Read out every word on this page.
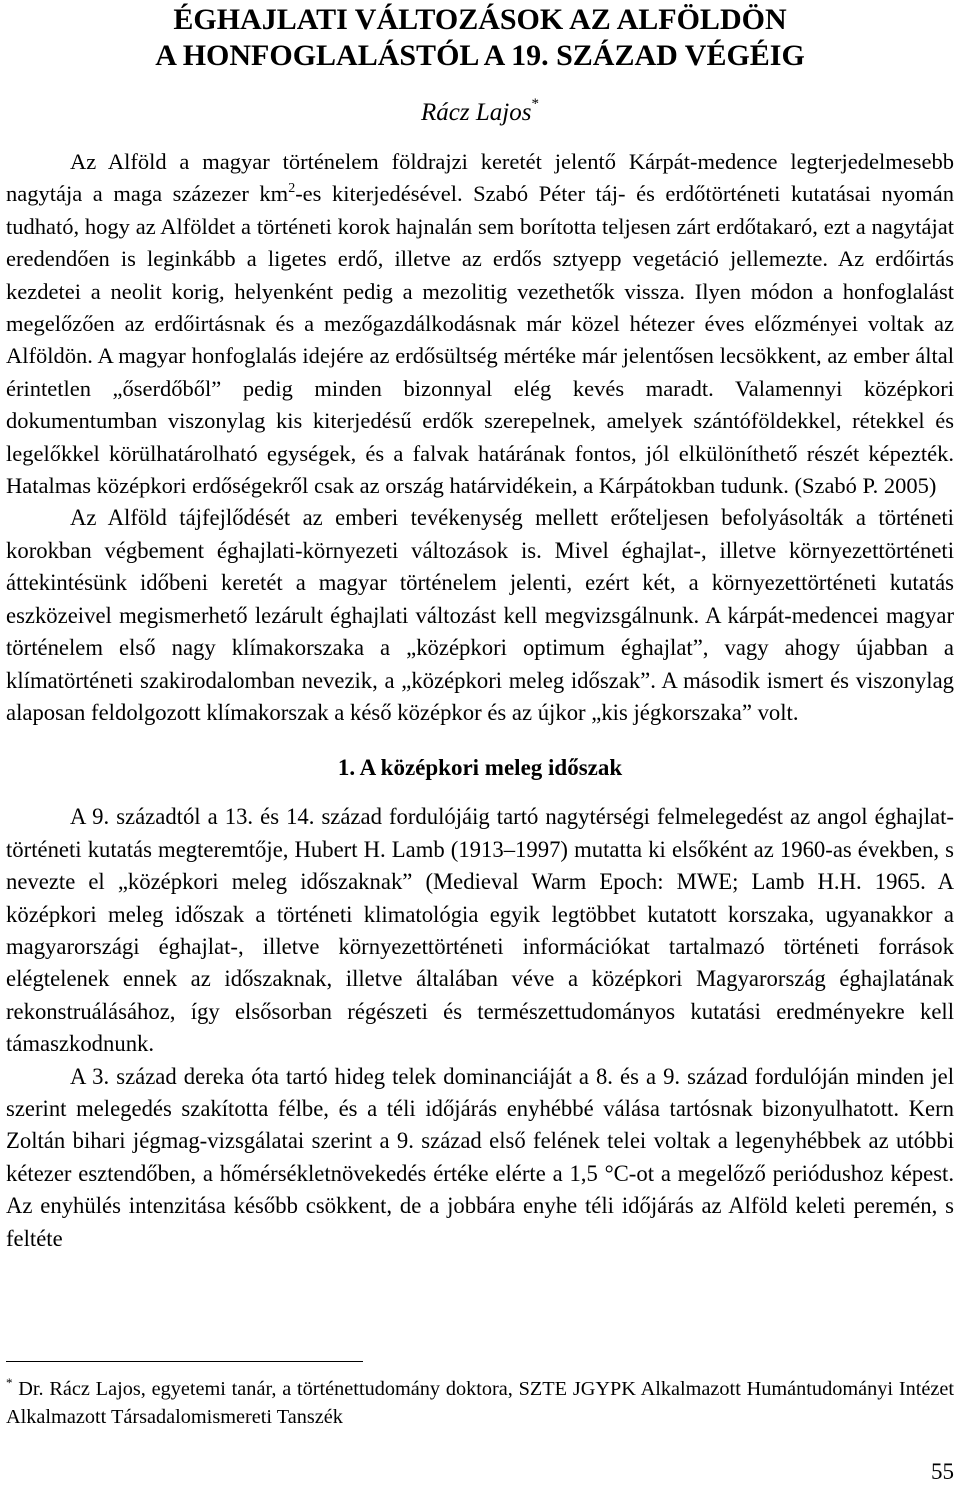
ÉGHAJLATI VÁLTOZÁSOK AZ ALFÖLDÖN
A HONFOGLALÁSTÓL A 19. SZÁZAD VÉGÉIG
Rácz Lajos*

Az Alföld a magyar történelem földrajzi keretét jelentő Kárpát-medence legterjedelmesebb nagytája a maga százezer $km^2-es$ kiterjedésével. Szabó Péter táj- és erdőtörténeti kutatásai nyomán tudható, hogy az Alföldet a történeti korok hajnalán sem borította teljesen zárt erdőtakaró, ezt a nagytájat eredendően is leginkább a ligetes erdő, illetve az erdős sztyepp vegetáció jellemezte. Az erdőirtás kezdetei a neolit korig, helyenként pedig a mezolitig vezethetők vissza. Ilyen módon a honfoglalást megelőzően az erdőirtásnak és a mezőgazdálkodásnak már közel hétezer éves előzményei voltak az Alföldön. A magyar honfoglalás idejére az erdősültség mértéke már jelentősen lecsökkent, az ember által érintetlen „őserdőből” pedig minden bizonnyal elég kevés maradt. Valamennyi középkori dokumentumban viszonylag kis kiterjedésű erdők szerepelnek, amelyek szántóföldekkel, rétekkel és legelőkkel körülhatárolható egységek, és a falvak határának fontos, jól elkülöníthető részét képezték. Hatalmas középkori erdőségekről csak az ország határvidékein, a Kárpátokban tudunk. (Szabó P. 2005)

Az Alföld tájfejlődését az emberi tevékenység mellett erőteljesen befolyásolták a történeti korokban végbement éghajlati-környezeti változások is. Mivel éghajlat-, illetve környezettörténeti áttekintésünk időbeni keretét a magyar történelem jelenti, ezért két, a környezettörténeti kutatás eszközeivel megismerhető lezárult éghajlati változást kell megvizsgálnunk. A kárpát-medencei magyar történelem első nagy klímakorszaka a „középkori optimum éghajlat”, vagy ahogy újabban a klímatörténeti szakirodalomban nevezik, a „középkori meleg időszak”. A második ismert és viszonylag alaposan feldolgozott klímakorszak a késő középkor és az újkor „kis jégkorszaka” volt.

1. A középkori meleg időszak

A 9. századtól a 13. és 14. század fordulójáig tartó nagytérségi felmelegedést az angol éghajlat-történeti kutatás megteremtője, Hubert H. Lamb (1913–1997) mutatta ki elsőként az 1960-as években, s nevezte el „középkori meleg időszaknak” (Medieval Warm Epoch: MWE; Lamb H.H. 1965. A középkori meleg időszak a történeti klimatológia egyik legtöbbet kutatott korszaka, ugyanakkor a magyarországi éghajlat-, illetve környezettörténeti információkat tartalmazó történeti források elégtelenek ennek az időszaknak, illetve általában véve a középkori Magyarország éghajlatának rekonstruálásához, így elsősorban régészeti és természettudományos kutatási eredményekre kell támaszkodnunk.

A 3. század dereka óta tartó hideg telek dominanciáját a 8. és a 9. század fordulóján minden jel szerint melegedés szakította félbe, és a téli időjárás enyhébbé válása tartósnak bizonyulhatott. Kern Zoltán bihari jégmag-vizsgálatai szerint a 9. század első felének telei voltak a legenyhébbek az utóbbi kétezer esztendőben, a hőmérsékletnövekedés értéke elérte a 1,5 °C-ot a megelőző periódushoz képest. Az enyhülés intenzitása később csökkent, de a jobbára enyhe téli időjárás az Alföld keleti peremén, s feltéte

* Dr. Rácz Lajos, egyetemi tanár, a történettudomány doktora, SZTE JGYPK Alkalmazott Humántudományi Intézet Alkalmazott Társadalomismereti Tanszék

55
